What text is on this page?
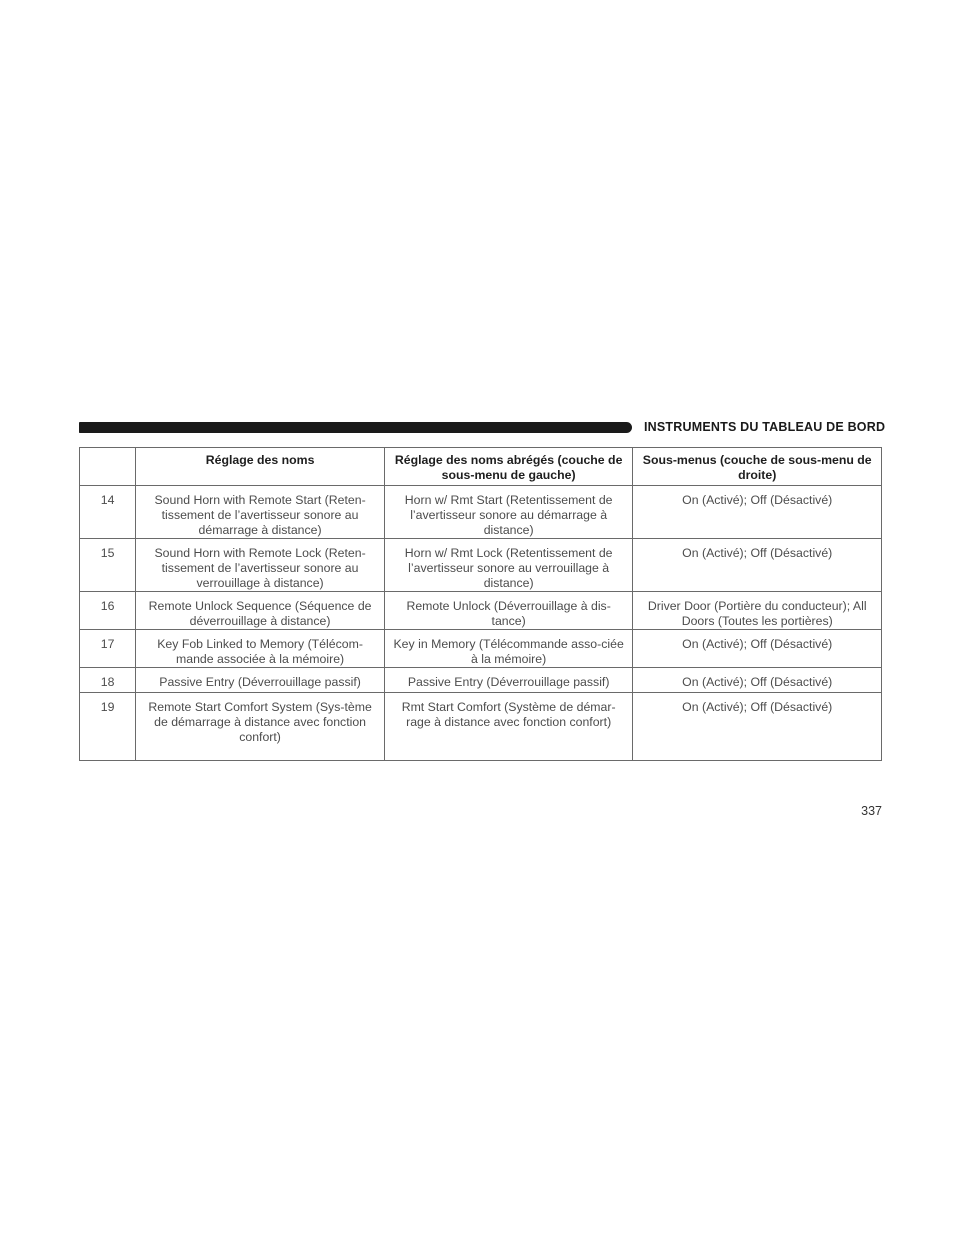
INSTRUMENTS DU TABLEAU DE BORD
	Réglage des noms	Réglage des noms abrégés (couche de sous-menu de gauche)	Sous-menus (couche de sous-menu de droite)
14	Sound Horn with Remote Start (Reten-tissement de l’avertisseur sonore au démarrage à distance)	Horn w/ Rmt Start (Retentissement de l’avertisseur sonore au démarrage à distance)	On (Activé); Off (Désactivé)
15	Sound Horn with Remote Lock (Reten-tissement de l’avertisseur sonore au verrouillage à distance)	Horn w/ Rmt Lock (Retentissement de l’avertisseur sonore au verrouillage à distance)	On (Activé); Off (Désactivé)
16	Remote Unlock Sequence (Séquence de déverrouillage à distance)	Remote Unlock (Déverrouillage à dis-tance)	Driver Door (Portière du conducteur); All Doors (Toutes les portières)
17	Key Fob Linked to Memory (Télécom-mande associée à la mémoire)	Key in Memory (Télécommande asso-ciée à la mémoire)	On (Activé); Off (Désactivé)
18	Passive Entry (Déverrouillage passif)	Passive Entry (Déverrouillage passif)	On (Activé); Off (Désactivé)
19	Remote Start Comfort System (Sys-tème de démarrage à distance avec fonction confort)	Rmt Start Comfort (Système de démar-rage à distance avec fonction confort)	On (Activé); Off (Désactivé)
337
